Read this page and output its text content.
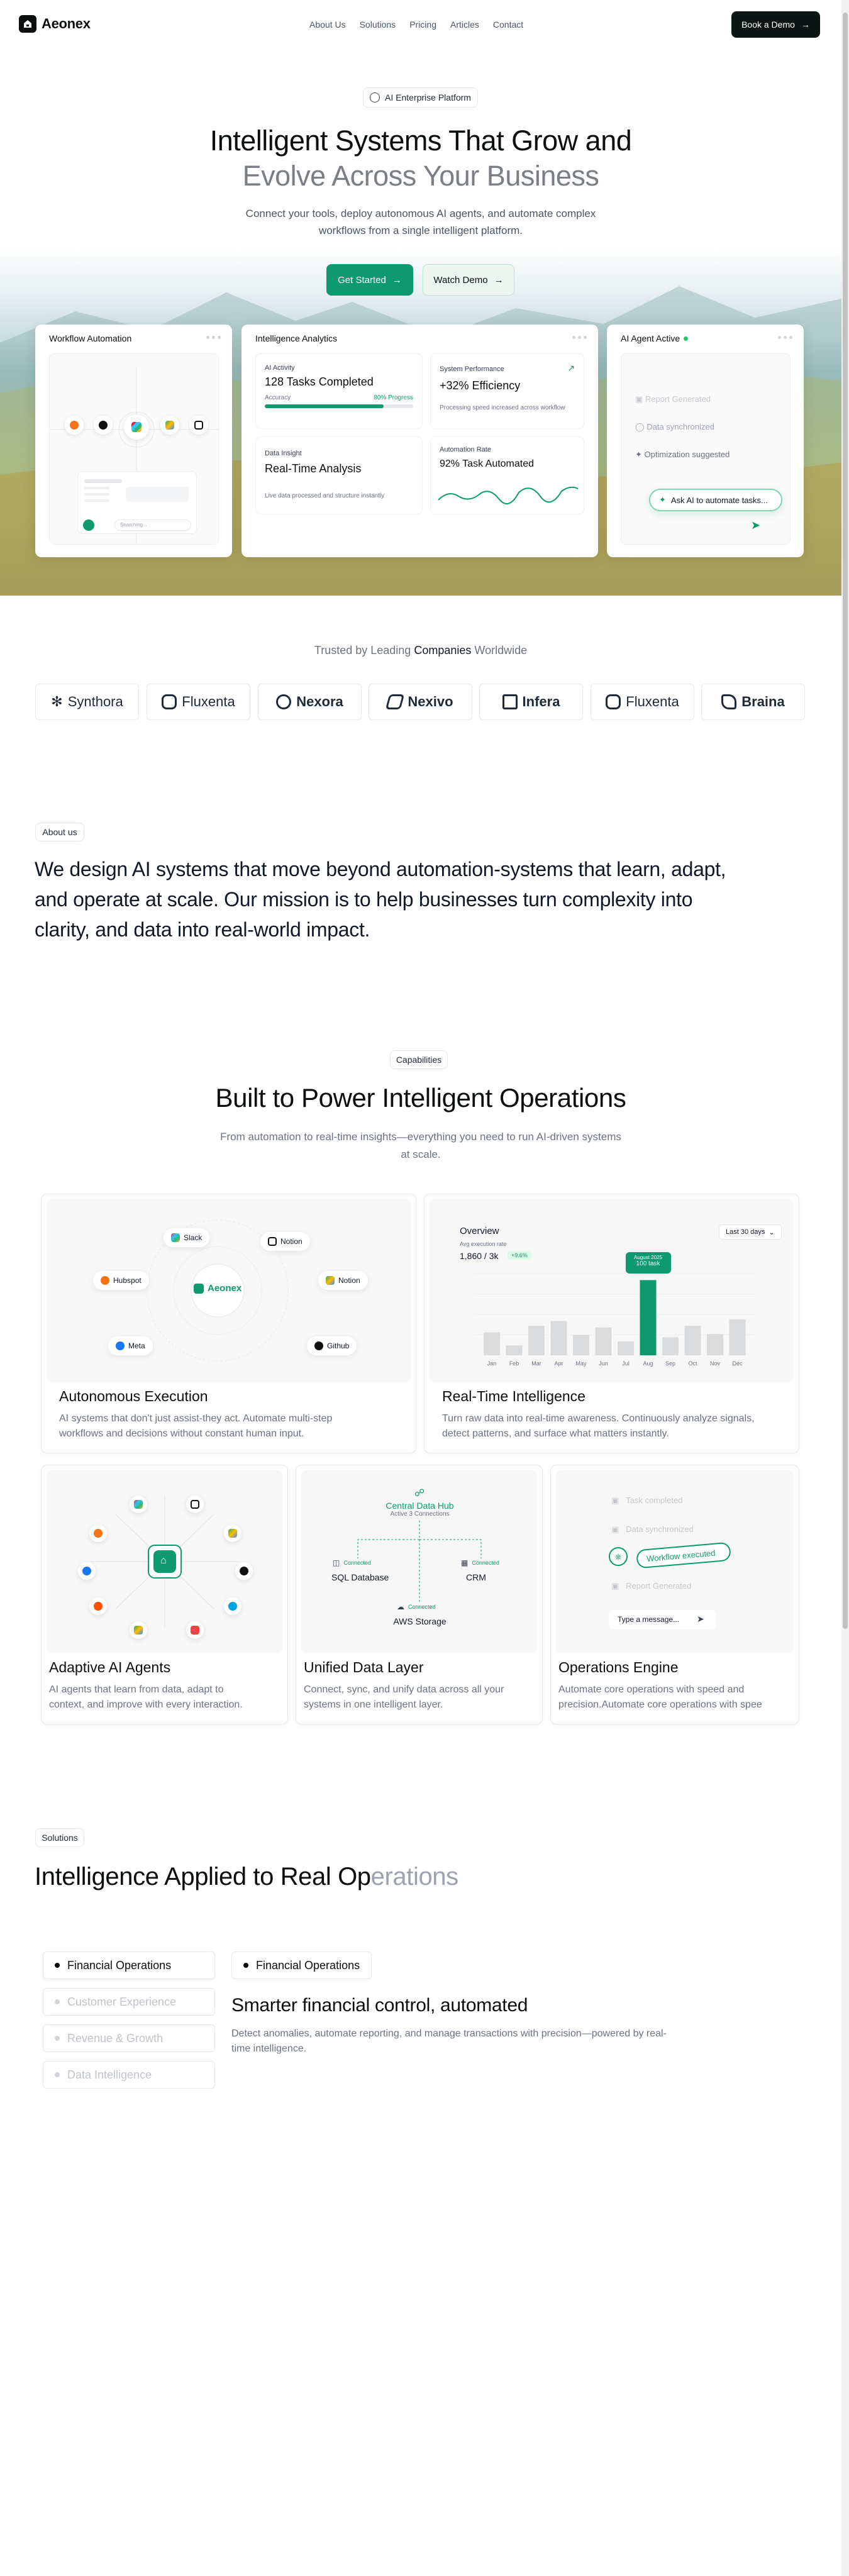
Aeonex	About Us Solutions Pricing Articles Contact	Book a Demo →
AI Enterprise Platform
Intelligent Systems That Grow and
Evolve Across Your Business
Connect your tools, deploy autonomous AI agents, and automate complex
workflows from a single intelligent platform.
Get Started →	Watch Demo →
Workflow Automation
Searching...
Intelligence Analytics
AI Activity
128 Tasks Completed
Accuracy	80% Progress
System Performance	↗
+32% Efficiency
Processing speed increased across workflow
Data Insight
Real-Time Analysis
Live data processed and structure instantly
Automation Rate
92% Task Automated
AI Agent Active
▣ Report Generated
◯ Data synchronized
✦ Optimization suggested
✦ Ask AI to automate tasks...
➤
Trusted by Leading Companies Worldwide
✻ Synthora	Fluxenta	Nexora	Nexivo	Infera	Fluxenta	Braina
About us
We design AI systems that move beyond automation-systems that learn, adapt, and operate at scale. Our mission is to help businesses turn complexity into clarity, and data into real-world impact.
Capabilities
Built to Power Intelligent Operations
From automation to real-time insights—everything you need to run AI-driven systems
at scale.
Aeonex
Slack	Notion
Hubspot	Notion
Meta	Github
Autonomous Execution
AI systems that don't just assist-they act. Automate multi-step
workflows and decisions without constant human input.
Overview	Last 30 days ⌄
Avg execution rate
1,860 / 3k	+9.6%
Jan Feb Mar Apr May Jun Jul Aug Sep Oct Nov Dec
August 2025
100 task
Real-Time Intelligence
Turn raw data into real-time awareness. Continuously analyze signals,
detect patterns, and surface what matters instantly.
⌂
Adaptive AI Agents
AI agents that learn from data, adapt to
context, and improve with every interaction.
☍
Central Data Hub
Active 3 Connections
◫ Connected
SQL Database
▦ Connected
CRM
☁ Connected
AWS Storage
Unified Data Layer
Connect, sync, and unify data across all your
systems in one intelligent layer.
▣ Task completed
▣ Data synchronized
⎈	Workflow executed
▣ Report Generated
Type a message...	➤
Operations Engine
Automate core operations with speed and
precision.Automate core operations with spee
Solutions
Intelligence Applied to Real Operations
Financial Operations
Customer Experience
Revenue & Growth
Data Intelligence
Financial Operations
Smarter financial control, automated
Detect anomalies, automate reporting, and manage transactions with precision—powered by real-
time intelligence.
